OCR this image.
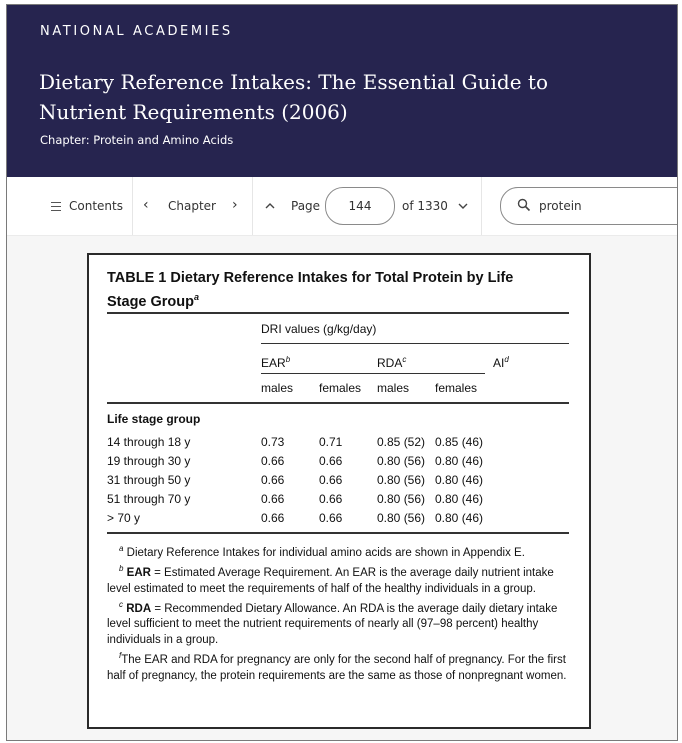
NATIONAL ACADEMIES
Dietary Reference Intakes: The Essential Guide to Nutrient Requirements (2006)
Chapter: Protein and Amino Acids
Contents ‹ Chapter ›	Page	144	of 1330
protein
TABLE 1 Dietary Reference Intakes for Total Protein by Life Stage Group$^a$
DRI values (g/kg/day)
EAR$^b$	RDA$^c$	$AI^d$
males females males females
Life stage group
14 through 18 y	0.73	0.71	0.85 (52) 0.85 (46)
19 through 30 y	0.66	0.66	0.80 (56) 0.80 (46)
31 through 50 y	0.66	0.66	0.80 (56) 0.80 (46)
51 through 70 y	0.66	0.66	0.80 (56) 0.80 (46)
> 70 y	0.66	0.66	0.80 (56) 0.80 (46)

$^a$ Dietary Reference Intakes for individual amino acids are shown in Appendix E.

$^b$ EAR = Estimated Average Requirement. An EAR is the average daily nutrient intake level estimated to meet the requirements of half of the healthy individuals in a group.

$^c$ RDA = Recommended Dietary Allowance. An RDA is the average daily dietary intake level sufficient to meet the nutrient requirements of nearly all (97–98 percent) healthy individuals in a group.

$^f$The EAR and RDA for pregnancy are only for the second half of pregnancy. For the first half of pregnancy, the protein requirements are the same as those of nonpregnant women.
